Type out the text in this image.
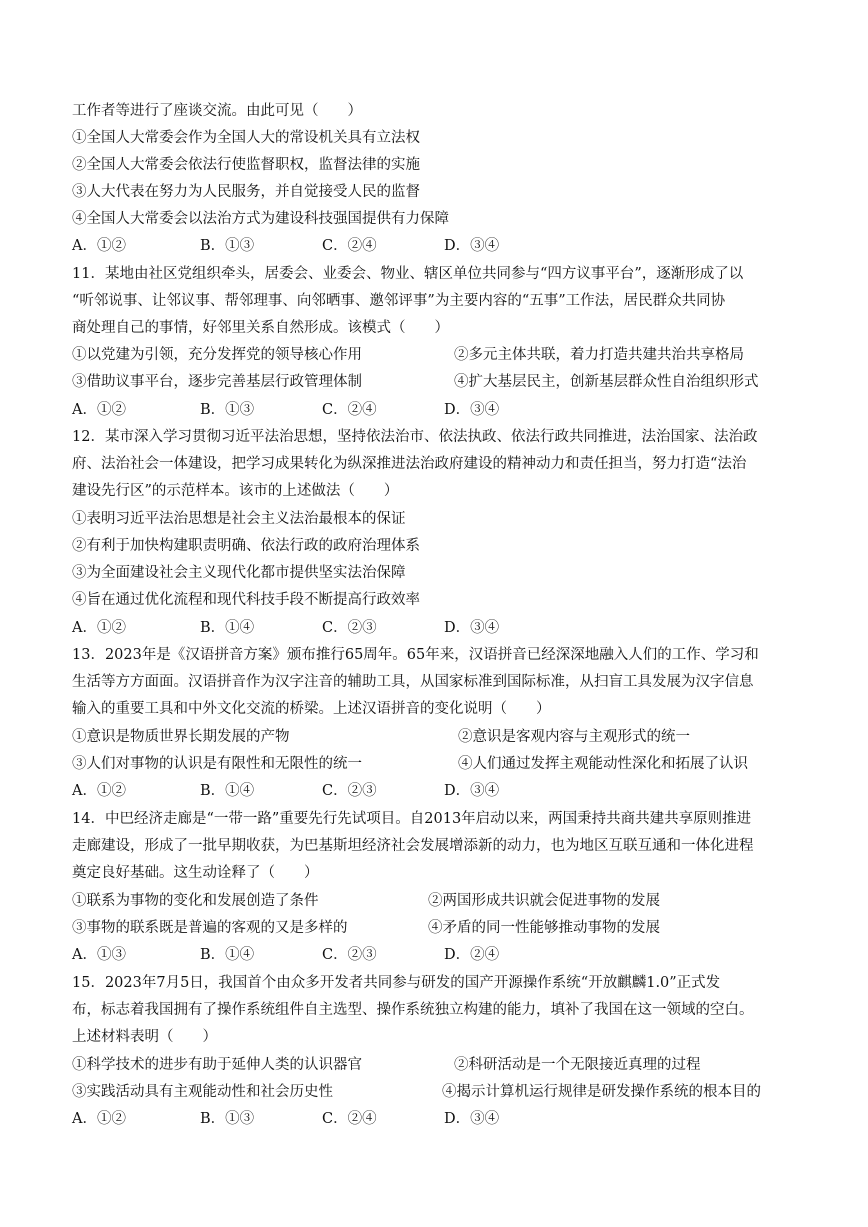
工作者等进行了座谈交流。由此可见（　　）
①全国人大常委会作为全国人大的常设机关具有立法权
②全国人大常委会依法行使监督职权，监督法律的实施
③人大代表在努力为人民服务，并自觉接受人民的监督
④全国人大常委会以法治方式为建设科技强国提供有力保障
A．①②	B．①③	C．②④	D．③④
11．某地由社区党组织牵头，居委会、业委会、物业、辖区单位共同参与“四方议事平台”，逐渐形成了以
“听邻说事、让邻议事、帮邻理事、向邻晒事、邀邻评事”为主要内容的“五事”工作法，居民群众共同协
商处理自己的事情，好邻里关系自然形成。该模式（　　）
①以党建为引领，充分发挥党的领导核心作用	②多元主体共联，着力打造共建共治共享格局
③借助议事平台，逐步完善基层行政管理体制	④扩大基层民主，创新基层群众性自治组织形式
A．①②	B．①③	C．②④	D．③④
12．某市深入学习贯彻习近平法治思想，坚持依法治市、依法执政、依法行政共同推进，法治国家、法治政
府、法治社会一体建设，把学习成果转化为纵深推进法治政府建设的精神动力和责任担当，努力打造“法治
建设先行区”的示范样本。该市的上述做法（　　）
①表明习近平法治思想是社会主义法治最根本的保证
②有利于加快构建职责明确、依法行政的政府治理体系
③为全面建设社会主义现代化都市提供坚实法治保障
④旨在通过优化流程和现代科技手段不断提高行政效率
A．①②	B．①④	C．②③	D．③④
13．2023年是《汉语拼音方案》颁布推行65周年。65年来，汉语拼音已经深深地融入人们的工作、学习和
生活等方方面面。汉语拼音作为汉字注音的辅助工具，从国家标准到国际标准，从扫盲工具发展为汉字信息
输入的重要工具和中外文化交流的桥梁。上述汉语拼音的变化说明（　　）
①意识是物质世界长期发展的产物	②意识是客观内容与主观形式的统一
③人们对事物的认识是有限性和无限性的统一	④人们通过发挥主观能动性深化和拓展了认识
A．①②	B．①④	C．②③	D．③④
14．中巴经济走廊是“一带一路”重要先行先试项目。自2013年启动以来，两国秉持共商共建共享原则推进
走廊建设，形成了一批早期收获，为巴基斯坦经济社会发展增添新的动力，也为地区互联互通和一体化进程
奠定良好基础。这生动诠释了（　　）
①联系为事物的变化和发展创造了条件	②两国形成共识就会促进事物的发展
③事物的联系既是普遍的客观的又是多样的	④矛盾的同一性能够推动事物的发展
A．①③	B．①④	C．②③	D．②④
15．2023年7月5日，我国首个由众多开发者共同参与研发的国产开源操作系统“开放麒麟1.0”正式发
布，标志着我国拥有了操作系统组件自主选型、操作系统独立构建的能力，填补了我国在这一领域的空白。
上述材料表明（　　）
①科学技术的进步有助于延伸人类的认识器官	②科研活动是一个无限接近真理的过程
③实践活动具有主观能动性和社会历史性	④揭示计算机运行规律是研发操作系统的根本目的
A．①②	B．①③	C．②④	D．③④
